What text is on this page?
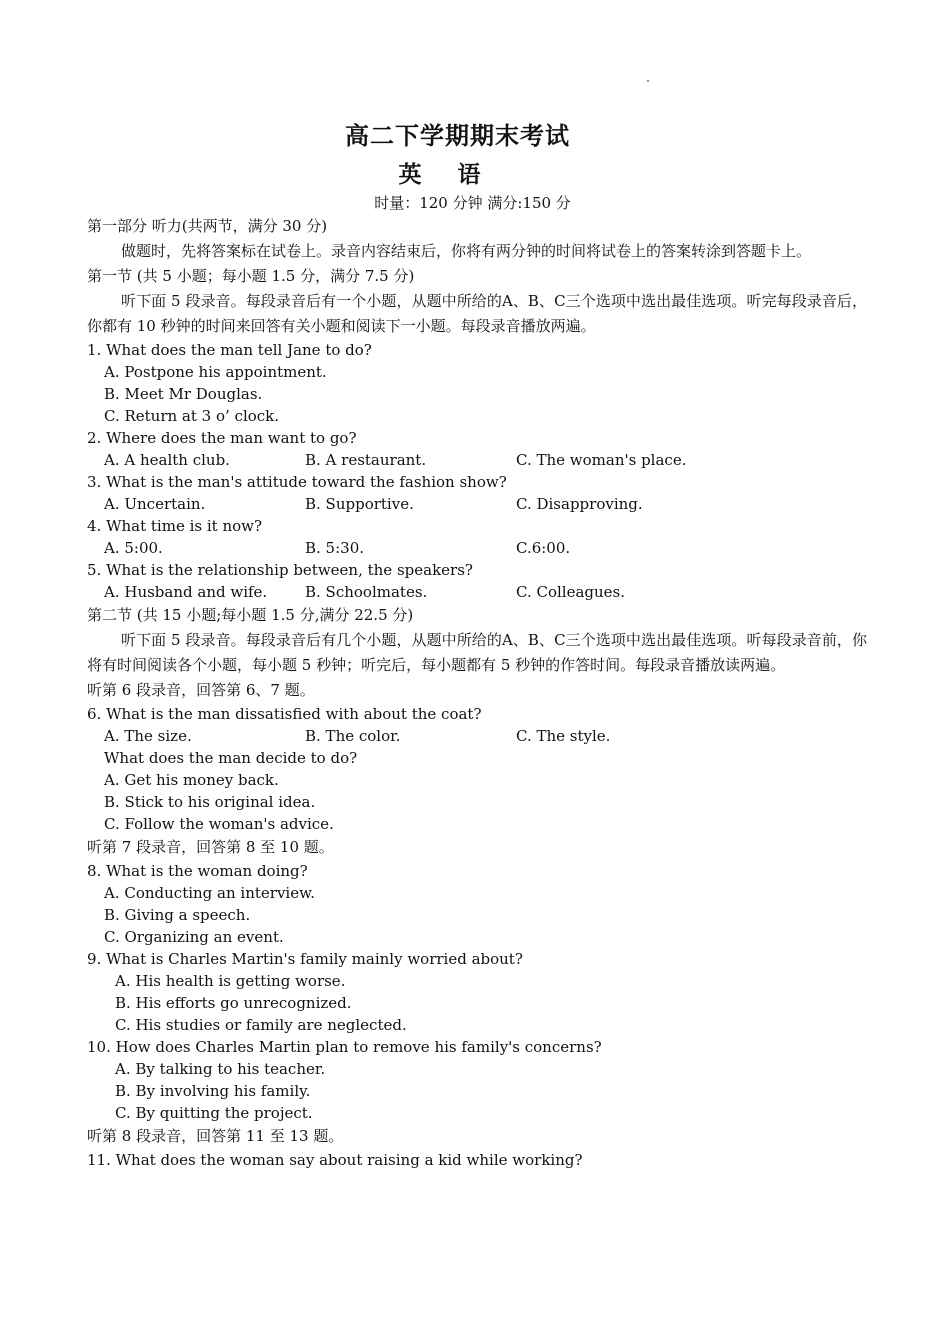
高二下学期期末考试
英 语
时量：120 分钟 满分:150 分
第一部分 听力(共两节，满分 30 分)
做题时，先将答案标在试卷上。录音内容结束后，你将有两分钟的时间将试卷上的答案转涂到答题卡上。
第一节 (共 5 小题；每小题 1.5 分，满分 7.5 分)
听下面 5 段录音。每段录音后有一个小题，从题中所给的A、B、C三个选项中选出最佳选项。听完每段录音后，你都有 10 秒钟的时间来回答有关小题和阅读下一小题。每段录音播放两遍。
1. What does the man tell Jane to do?
A. Postpone his appointment.
B. Meet Mr Douglas.
C. Return at 3 o’ clock.
2. Where does the man want to go?
A. A health club.	B. A restaurant.	C. The woman's place.
3. What is the man's attitude toward the fashion show?
A. Uncertain.	B. Supportive.	C. Disapproving.
4. What time is it now?
A. 5:00.	B. 5:30.	C.6:00.
5. What is the relationship between, the speakers?
A. Husband and wife.	B. Schoolmates.	C. Colleagues.
第二节 (共 15 小题;每小题 1.5 分,满分 22.5 分)
听下面 5 段录音。每段录音后有几个小题，从题中所给的A、B、C三个选项中选出最佳选项。听每段录音前，你将有时间阅读各个小题，每小题 5 秒钟；听完后，每小题都有 5 秒钟的作答时间。每段录音播放读两遍。
听第 6 段录音，回答第 6、7 题。
6. What is the man dissatisfied with about the coat?
A. The size.	B. The color.	C. The style.
What does the man decide to do?
A. Get his money back.
B. Stick to his original idea.
C. Follow the woman's advice.
听第 7 段录音，回答第 8 至 10 题。
8. What is the woman doing?
A. Conducting an interview.
B. Giving a speech.
C. Organizing an event.
9. What is Charles Martin's family mainly worried about?
A. His health is getting worse.
B. His efforts go unrecognized.
C. His studies or family are neglected.
10. How does Charles Martin plan to remove his family's concerns?
A. By talking to his teacher.
B. By involving his family.
C. By quitting the project.
听第 8 段录音，回答第 11 至 13 题。
11. What does the woman say about raising a kid while working?
